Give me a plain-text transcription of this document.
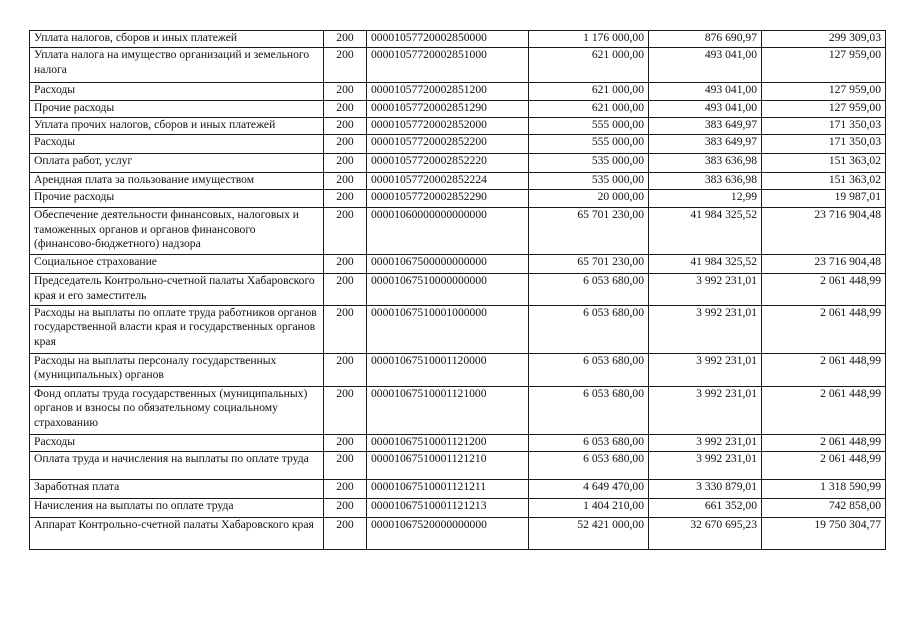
Уплата налогов, сборов и иных платежей	200	00001057720002850000	1 176 000,00	876 690,97	299 309,03
Уплата налога на имущество организаций и земельного налога	200	00001057720002851000	621 000,00	493 041,00	127 959,00
Расходы	200	00001057720002851200	621 000,00	493 041,00	127 959,00
Прочие расходы	200	00001057720002851290	621 000,00	493 041,00	127 959,00
Уплата прочих налогов, сборов и иных платежей	200	00001057720002852000	555 000,00	383 649,97	171 350,03
Расходы	200	00001057720002852200	555 000,00	383 649,97	171 350,03
Оплата работ, услуг	200	00001057720002852220	535 000,00	383 636,98	151 363,02
Арендная плата за пользование имуществом	200	00001057720002852224	535 000,00	383 636,98	151 363,02
Прочие расходы	200	00001057720002852290	20 000,00	12,99	19 987,01
Обеспечение деятельности финансовых, налоговых и таможенных органов и органов финансового (финансово-бюджетного) надзора	200	00001060000000000000	65 701 230,00	41 984 325,52	23 716 904,48
Социальное страхование	200	00001067500000000000	65 701 230,00	41 984 325,52	23 716 904,48
Председатель Контрольно-счетной палаты Хабаровского края и его заместитель	200	00001067510000000000	6 053 680,00	3 992 231,01	2 061 448,99
Расходы на выплаты по оплате труда работников органов государственной власти края и государственных органов края	200	00001067510001000000	6 053 680,00	3 992 231,01	2 061 448,99
Расходы на выплаты персоналу государственных (муниципальных) органов	200	00001067510001120000	6 053 680,00	3 992 231,01	2 061 448,99
Фонд оплаты труда государственных (муниципальных) органов и взносы по обязательному социальному страхованию	200	00001067510001121000	6 053 680,00	3 992 231,01	2 061 448,99
Расходы	200	00001067510001121200	6 053 680,00	3 992 231,01	2 061 448,99
Оплата труда и начисления на выплаты по оплате труда	200	00001067510001121210	6 053 680,00	3 992 231,01	2 061 448,99
Заработная плата	200	00001067510001121211	4 649 470,00	3 330 879,01	1 318 590,99
Начисления на выплаты по оплате труда	200	00001067510001121213	1 404 210,00	661 352,00	742 858,00
Аппарат Контрольно-счетной палаты Хабаровского края	200	00001067520000000000	52 421 000,00	32 670 695,23	19 750 304,77
